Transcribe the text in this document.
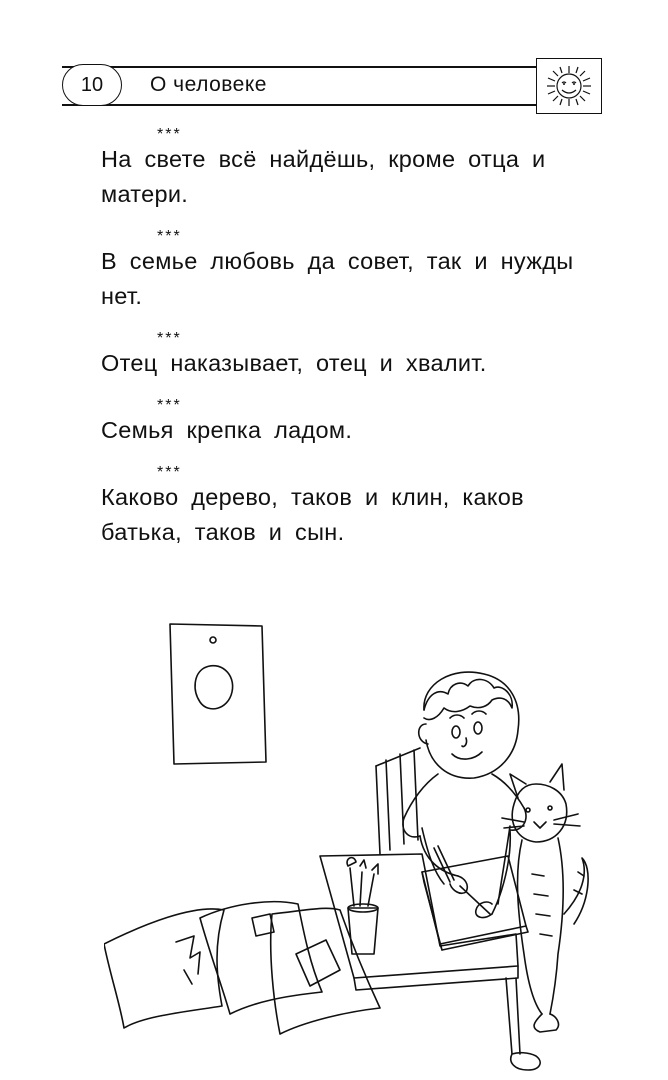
10	О человеке
***
На свете всё найдёшь, кроме отца и матери.
***
В семье любовь да совет, так и нужды нет.
***
Отец наказывает, отец и хвалит.
***
Семья крепка ладом.
***
Каково дерево, таков и клин, каков батька, таков и сын.
